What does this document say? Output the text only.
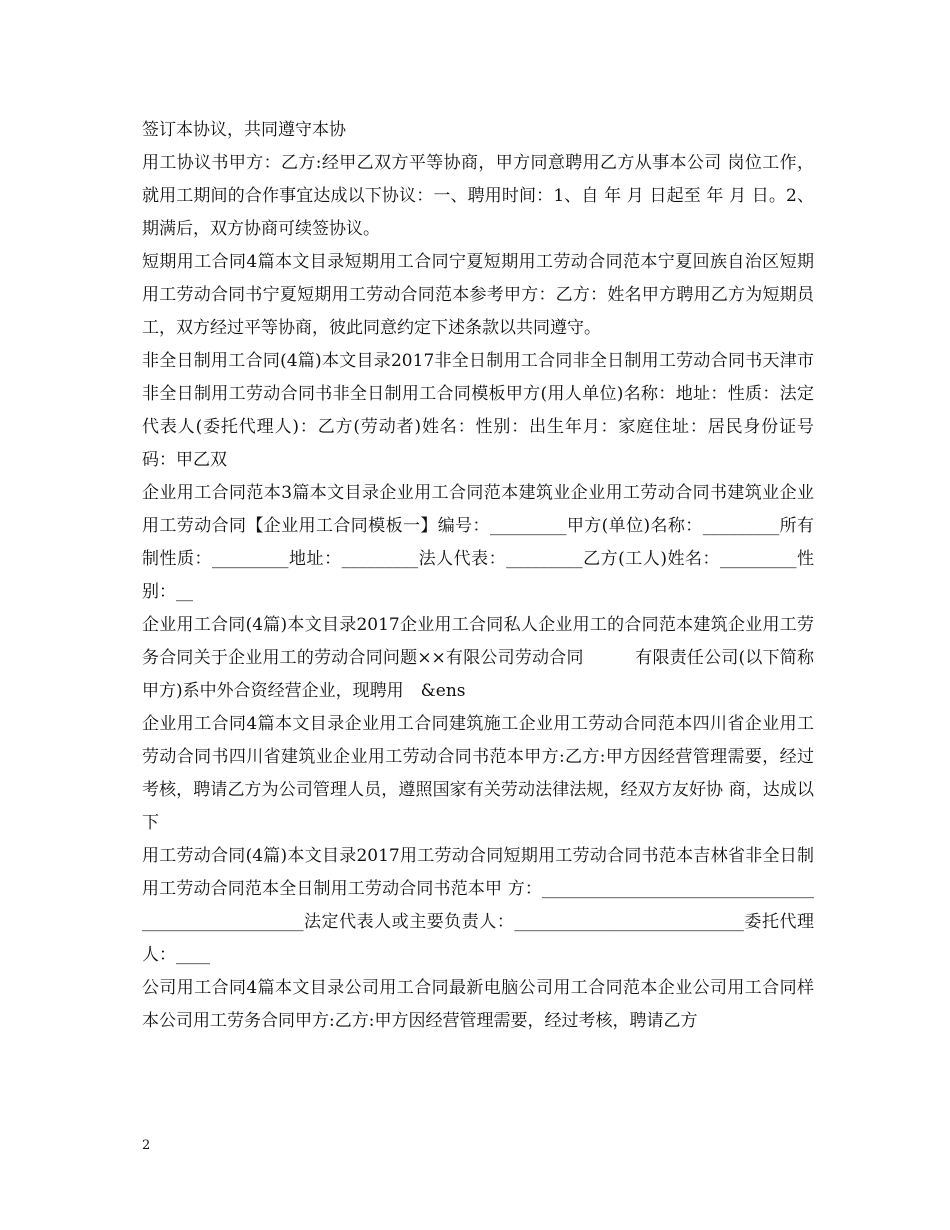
签订本协议，共同遵守本协

用工协议书甲方：乙方:经甲乙双方平等协商，甲方同意聘用乙方从事本公司 岗位工作，就用工期间的合作事宜达成以下协议：一、聘用时间：1、自 年 月 日起至 年 月 日。2、期满后，双方协商可续签协议。

短期用工合同4篇本文目录短期用工合同宁夏短期用工劳动合同范本宁夏回族自治区短期用工劳动合同书宁夏短期用工劳动合同范本参考甲方：乙方：姓名甲方聘用乙方为短期员工，双方经过平等协商，彼此同意约定下述条款以共同遵守。

非全日制用工合同(4篇)本文目录2017非全日制用工合同非全日制用工劳动合同书天津市非全日制用工劳动合同书非全日制用工合同模板甲方(用人单位)名称：地址：性质：法定代表人(委托代理人)：乙方(劳动者)姓名：性别：出生年月：家庭住址：居民身份证号码：甲乙双

企业用工合同范本3篇本文目录企业用工合同范本建筑业企业用工劳动合同书建筑业企业用工劳动合同【企业用工合同模板一】编号：_________甲方(单位)名称：_________所有制性质：_________地址：_________法人代表：_________乙方(工人)姓名：_________性别：__

企业用工合同(4篇)本文目录2017企业用工合同私人企业用工的合同范本建筑企业用工劳务合同关于企业用工的劳动合同问题××有限公司劳动合同　　　有限责任公司(以下简称甲方)系中外合资经营企业，现聘用　&ens

企业用工合同4篇本文目录企业用工合同建筑施工企业用工劳动合同范本四川省企业用工劳动合同书四川省建筑业企业用工劳动合同书范本甲方:乙方:甲方因经营管理需要，经过考核，聘请乙方为公司管理人员，遵照国家有关劳动法律法规，经双方友好协 商，达成以下

用工劳动合同(4篇)本文目录2017用工劳动合同短期用工劳动合同书范本吉林省非全日制用工劳动合同范本全日制用工劳动合同书范本甲 方：___________________________________________________法定代表人或主要负责人：___________________________委托代理人：____

公司用工合同4篇本文目录公司用工合同最新电脑公司用工合同范本企业公司用工合同样本公司用工劳务合同甲方:乙方:甲方因经营管理需要，经过考核，聘请乙方

2
